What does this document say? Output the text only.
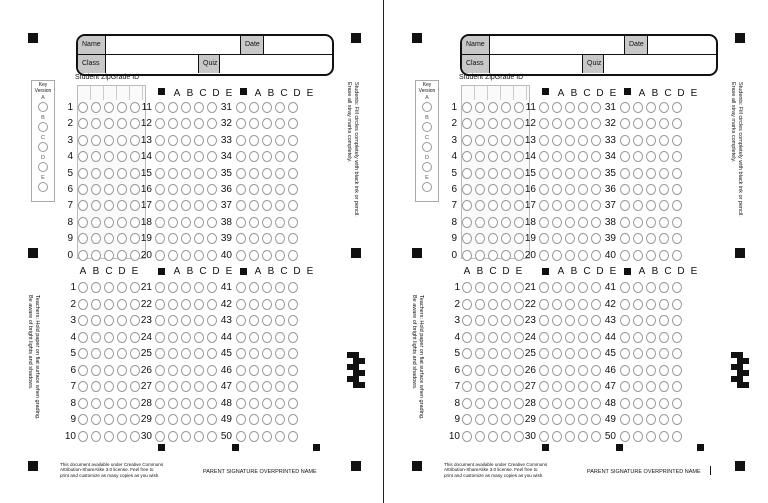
Name	Date
Class	Quiz
Student ZipGrade ID
Key Version
A
B
C
D
E
1	11	31
2	12	32
3	13	33
4	14	34
5	15	35
6	16	36
7	17	37
8	18	38
9	19	39
0	20	40
A	A
B	B
C	C
D	D
E	E
A	A	A
B	B	B
C	C	C
D	D	D
E	E	E
1	21	41
2	22	42
3	23	43
4	24	44
5	25	45
6	26	46
7	27	47
8	28	48
9	29	49
10	30	50
Students: Fill circles completely with black ink or pencil.
Erase all stray marks completely.
Teachers: Hold paper on flat surface when grading.
Be aware of bright lights and shadows.
This document available under Creative Commons
Attribution-ShareAlike 3.0 license. Feel free to
print and customize as many copies as you wish.
PARENT SIGNATURE OVERPRINTED NAME
Name	Date
Class	Quiz
Student ZipGrade ID
Key Version
A
B
C
D
E
1	11	31
2	12	32
3	13	33
4	14	34
5	15	35
6	16	36
7	17	37
8	18	38
9	19	39
0	20	40
A	A
B	B
C	C
D	D
E	E
A	A	A
B	B	B
C	C	C
D	D	D
E	E	E
1	21	41
2	22	42
3	23	43
4	24	44
5	25	45
6	26	46
7	27	47
8	28	48
9	29	49
10	30	50
Students: Fill circles completely with black ink or pencil.
Erase all stray marks completely.
Teachers: Hold paper on flat surface when grading.
Be aware of bright lights and shadows.
This document available under Creative Commons
Attribution-ShareAlike 3.0 license. Feel free to
print and customize as many copies as you wish.
PARENT SIGNATURE OVERPRINTED NAME
